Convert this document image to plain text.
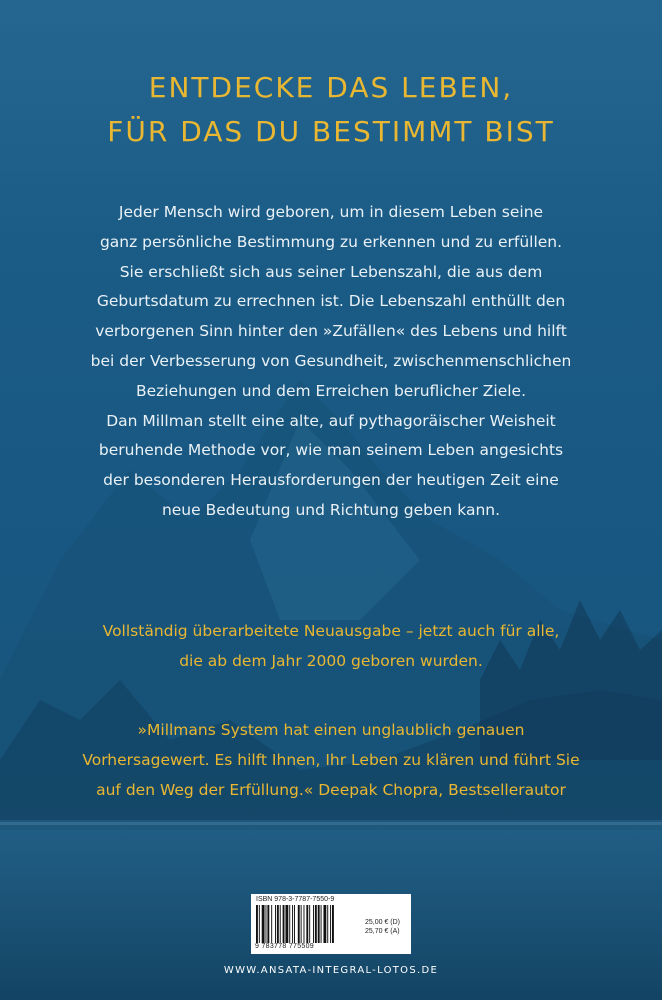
ENTDECKE DAS LEBEN,
FÜR DAS DU BESTIMMT BIST
Jeder Mensch wird geboren, um in diesem Leben seine
ganz persönliche Bestimmung zu erkennen und zu erfüllen.
Sie erschließt sich aus seiner Lebenszahl, die aus dem
Geburtsdatum zu errechnen ist. Die Lebenszahl enthüllt den
verborgenen Sinn hinter den »Zufällen« des Lebens und hilft
bei der Verbesserung von Gesundheit, zwischenmenschlichen
Beziehungen und dem Erreichen beruflicher Ziele.
Dan Millman stellt eine alte, auf pythagoräischer Weisheit
beruhende Methode vor, wie man seinem Leben angesichts
der besonderen Herausforderungen der heutigen Zeit eine
neue Bedeutung und Richtung geben kann.
Vollständig überarbeitete Neuausgabe – jetzt auch für alle,
die ab dem Jahr 2000 geboren wurden.
»Millmans System hat einen unglaublich genauen
Vorhersagewert. Es hilft Ihnen, Ihr Leben zu klären und führt Sie
auf den Weg der Erfüllung.« Deepak Chopra, Bestsellerautor
ISBN 978-3-7787-7550-9
9 783778 775509
25,00 € (D)
25,70 € (A)
WWW.ANSATA-INTEGRAL-LOTOS.DE
